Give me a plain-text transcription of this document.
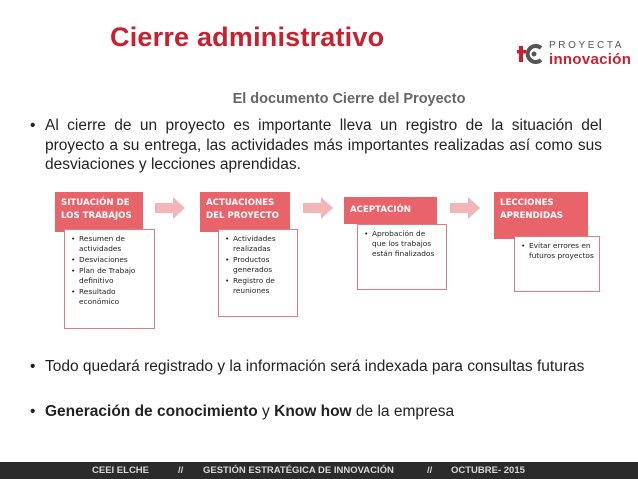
Cierre administrativo	PROYECTA
innovación
El documento Cierre del Proyecto
• Al cierre de un proyecto es importante lleva un registro de la situación del proyecto a su entrega, las actividades más importantes realizadas así como sus desviaciones y lecciones aprendidas.
SITUACIÓN DE LOS TRABAJOS
• Resumen de actividades
• Desviaciones
• Plan de Trabajo definitivo
• Resultado económico
ACTUACIONES DEL PROYECTO
• Actividades realizadas
• Productos generados
• Registro de reuniones
ACEPTACIÓN
• Aprobación de que los trabajos están finalizados
LECCIONES APRENDIDAS
• Evitar errores en futuros proyectos
• Todo quedará registrado y la información será indexada para consultas futuras
• Generación de conocimiento y Know how de la empresa
CEEI ELCHE	// GESTIÓN ESTRATÉGICA DE INNOVACIÓN	// OCTUBRE- 2015
